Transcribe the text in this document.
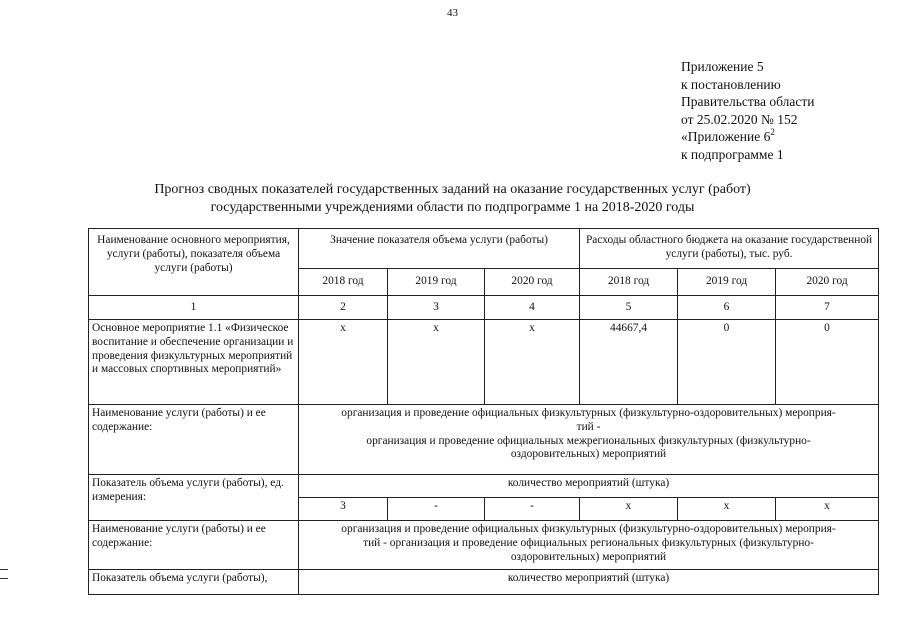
43
Приложение 5
к постановлению
Правительства области
от 25.02.2020 № 152
«Приложение $6^2$
к подпрограмме 1
Прогноз сводных показателей государственных заданий на оказание государственных услуг (работ)
государственными учреждениями области по подпрограмме 1 на 2018-2020 годы
Наименование основного мероприятия, услуги (работы), показателя объема услуги (работы)	Значение показателя объема услуги (работы)			Расходы областного бюджета на оказание государственной услуги (работы), тыс. руб.		
	2018 год	2019 год	2020 год	2018 год	2019 год	2020 год
1	2	3	4	5	6	7
Основное мероприятие 1.1 «Физическое воспитание и обеспечение организации и проведения физкультурных мероприятий и массовых спортивных мероприятий»	х	х	х	44667,4	0	0
Наименование услуги (работы) и ее содержание:	организация и проведение официальных физкультурных (физкультурно-оздоровительных) мероприя-
тий -
организация и проведение официальных межрегиональных физкультурных (физкультурно-
оздоровительных) мероприятий					

Показатель объема услуги (работы), ед. измерения:	количество мероприятий (штука)					
	3	-	-	х	х	х
Наименование услуги (работы) и ее содержание:	организация и проведение официальных физкультурных (физкультурно-оздоровительных) мероприя-
тий - организация и проведение официальных региональных физкультурных (физкультурно-
оздоровительных) мероприятий					

Показатель объема услуги (работы),	количество мероприятий (штука)					
